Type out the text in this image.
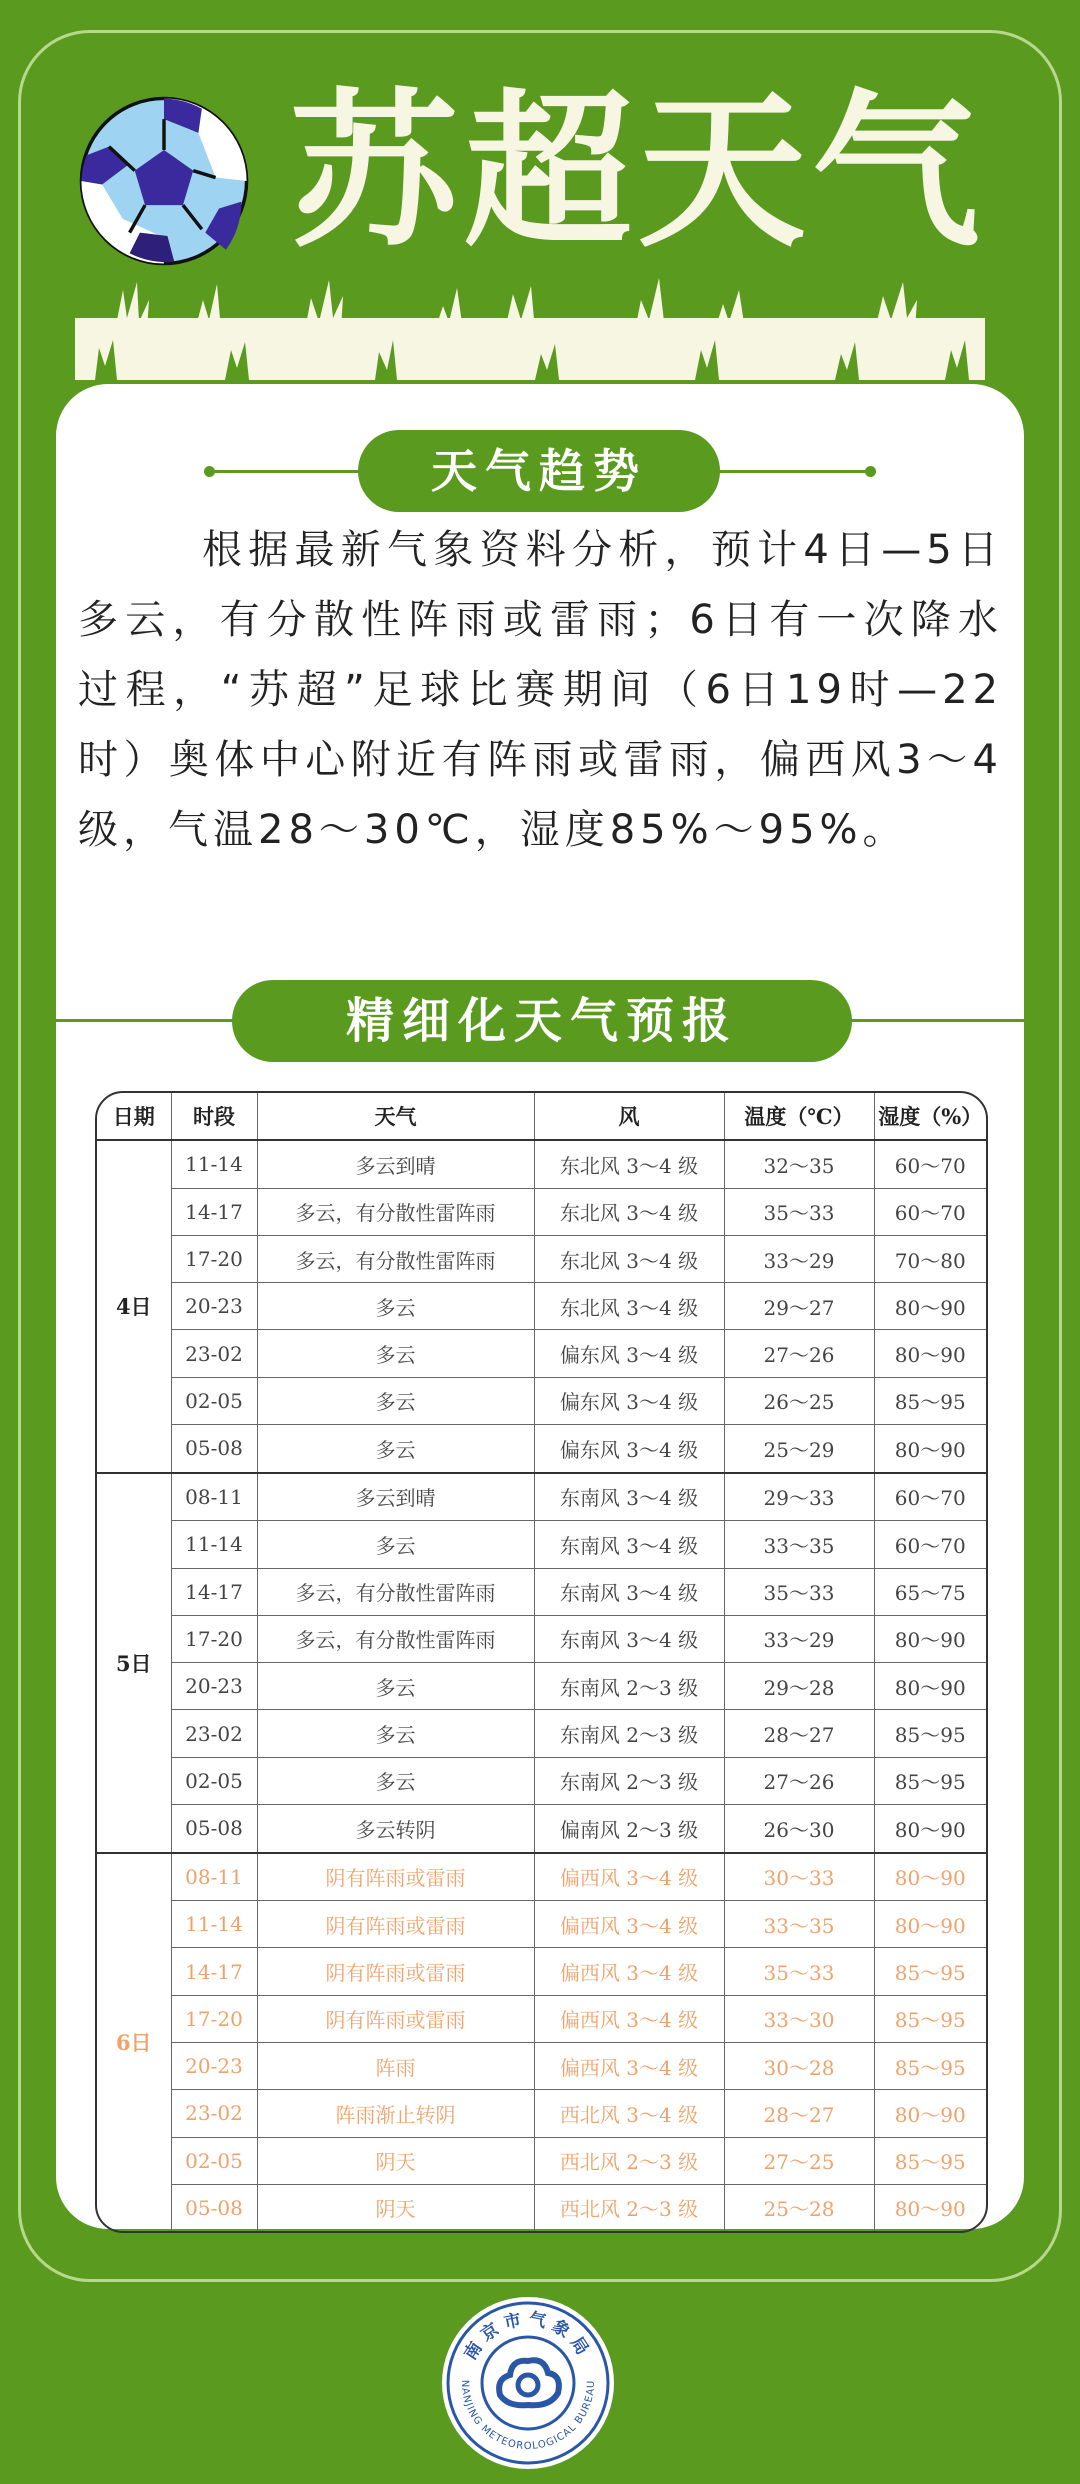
苏超天气
天气趋势

根据最新气象资料分析，预计4日—5日多云，有分散性阵雨或雷雨；6日有一次降水过程，“苏超”足球比赛期间（6日19时—22时）奥体中心附近有阵雨或雷雨，偏西风3～4级，气温28～30℃，湿度85%～95%。

精细化天气预报
日期	时段	天气	风	温度（℃）	湿度（%）
4日	11-14	多云到晴	东北风 3～4 级	32～35	60～70
	14-17	多云，有分散性雷阵雨	东北风 3～4 级	35～33	60～70
	17-20	多云，有分散性雷阵雨	东北风 3～4 级	33～29	70～80
	20-23	多云	东北风 3～4 级	29～27	80～90
	23-02	多云	偏东风 3～4 级	27～26	80～90
	02-05	多云	偏东风 3～4 级	26～25	85～95
	05-08	多云	偏东风 3～4 级	25～29	80～90
5日	08-11	多云到晴	东南风 3～4 级	29～33	60～70
	11-14	多云	东南风 3～4 级	33～35	60～70
	14-17	多云，有分散性雷阵雨	东南风 3～4 级	35～33	65～75
	17-20	多云，有分散性雷阵雨	东南风 3～4 级	33～29	80～90
	20-23	多云	东南风 2～3 级	29～28	80～90
	23-02	多云	东南风 2～3 级	28～27	85～95
	02-05	多云	东南风 2～3 级	27～26	85～95
	05-08	多云转阴	偏南风 2～3 级	26～30	80～90
6日	08-11	阴有阵雨或雷雨	偏西风 3～4 级	30～33	80～90
	11-14	阴有阵雨或雷雨	偏西风 3～4 级	33～35	80～90
	14-17	阴有阵雨或雷雨	偏西风 3～4 级	35～33	85～95
	17-20	阴有阵雨或雷雨	偏西风 3～4 级	33～30	85～95
	20-23	阵雨	偏西风 3～4 级	30～28	85～95
	23-02	阵雨渐止转阴	西北风 3～4 级	28～27	80～90
	02-05	阴天	西北风 2～3 级	27～25	85～95
	05-08	阴天	西北风 2～3 级	25～28	80～90
南京市气象局
NANJING METEOROLOGICAL BUREAU
